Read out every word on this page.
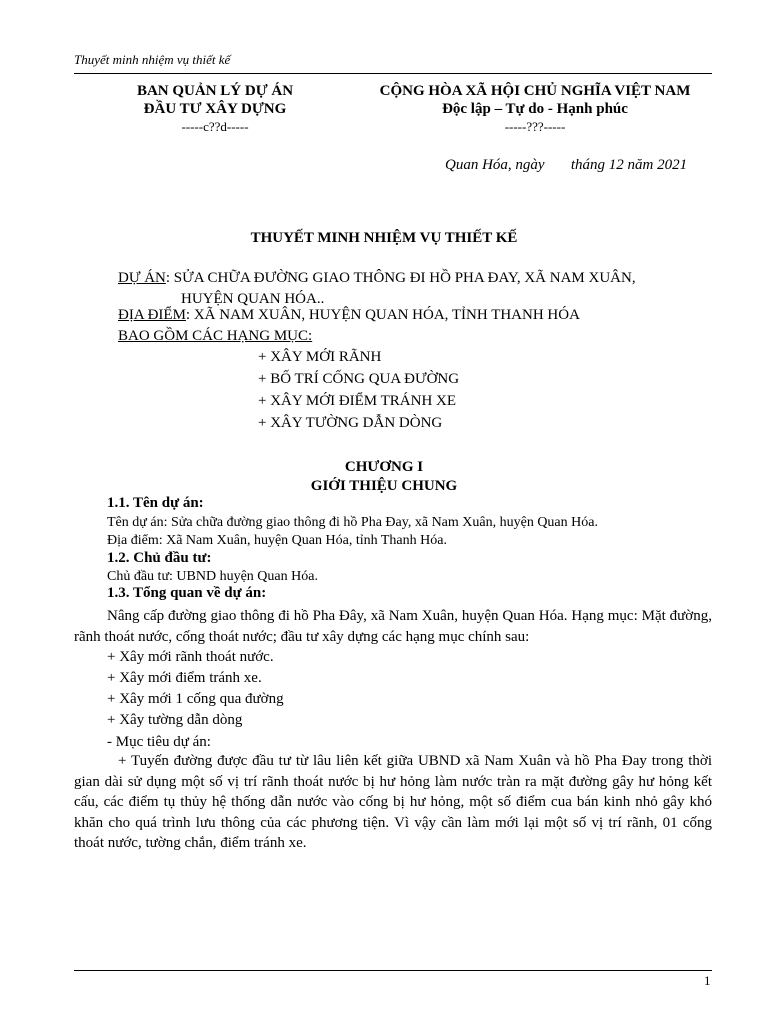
Thuyết minh nhiệm vụ thiết kế
BAN QUẢN LÝ DỰ ÁN
ĐẦU TƯ XÂY DỰNG
-----c??d-----
CỘNG HÒA XÃ HỘI CHỦ NGHĨA VIỆT NAM
Độc lập – Tự do - Hạnh phúc
-----???-----
Quan Hóa, ngày       tháng 12 năm 2021
THUYẾT MINH NHIỆM VỤ THIẾT KẾ
DỰ ÁN: SỬA CHỮA ĐƯỜNG GIAO THÔNG ĐI HỒ PHA ĐAY, XÃ NAM XUÂN,
HUYỆN QUAN HÓA..
ĐỊA ĐIỂM: XÃ NAM XUÂN, HUYỆN QUAN HÓA, TỈNH THANH HÓA
BAO GỒM CÁC HẠNG MỤC:
+ XÂY MỚI RÃNH
+ BỐ TRÍ CỐNG QUA ĐƯỜNG
+ XÂY MỚI ĐIỂM TRÁNH XE
+ XÂY TƯỜNG DẪN DÒNG
CHƯƠNG I
GIỚI THIỆU CHUNG
1.1. Tên dự án:
Tên dự án: Sửa chữa đường giao thông đi hồ Pha Đay, xã Nam Xuân, huyện Quan Hóa.
Địa điểm: Xã Nam Xuân, huyện Quan Hóa, tỉnh Thanh Hóa.
1.2. Chủ đầu tư:
Chủ đầu tư: UBND huyện Quan Hóa.
1.3. Tổng quan về dự án:
Nâng cấp đường giao thông đi hồ Pha Đây, xã Nam Xuân, huyện Quan Hóa. Hạng mục: Mặt đường, rãnh thoát nước, cống thoát nước; đầu tư xây dựng các hạng mục chính sau:
+ Xây mới rãnh thoát nước.
+ Xây mới điểm tránh xe.
+ Xây mới 1 cống qua đường
+ Xây tường dẫn dòng
- Mục tiêu dự án:
+ Tuyến đường được đầu tư từ lâu liên kết giữa UBND xã Nam Xuân và hồ Pha Đay trong thời gian dài sử dụng một số vị trí rãnh thoát nước bị hư hỏng làm nước tràn ra mặt đường gây hư hỏng kết cấu, các điểm tụ thủy hệ thống dẫn nước vào cống bị hư hỏng, một số điểm cua bán kinh nhỏ gây khó khăn cho quá trình lưu thông của các phương tiện. Vì vậy cần làm mới lại một số vị trí rãnh, 01 cống thoát nước, tường chắn, điểm tránh xe.
1
